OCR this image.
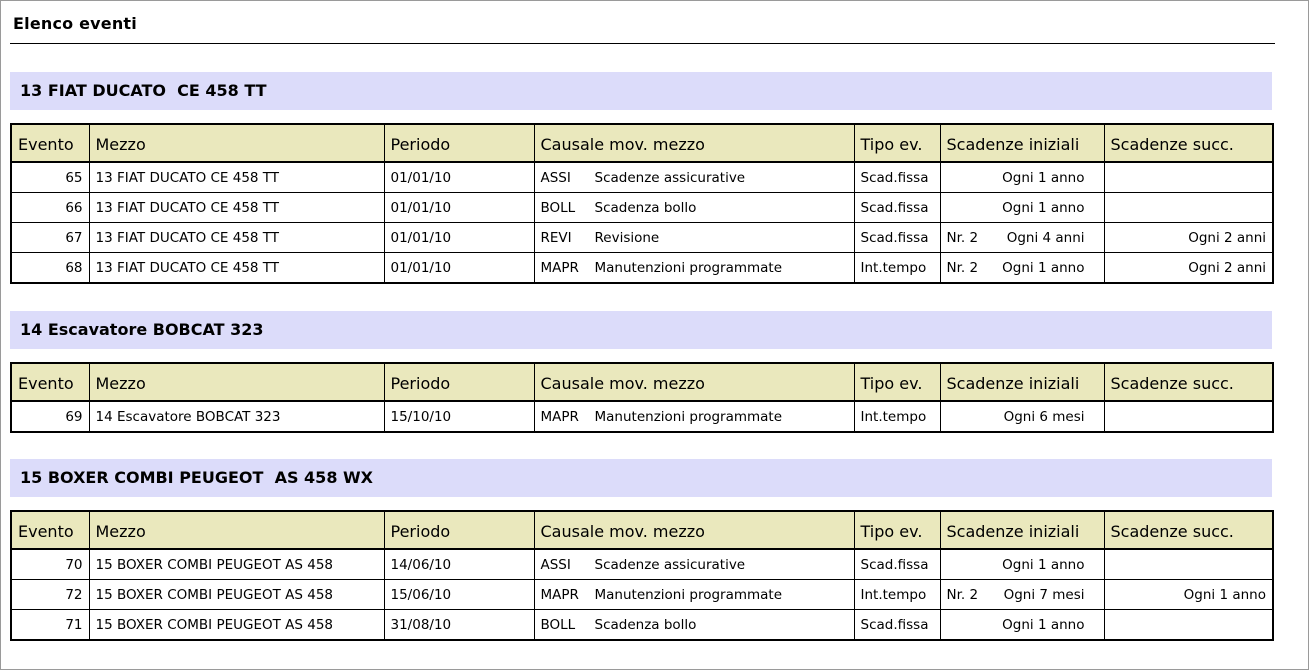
Elenco eventi
13 FIAT DUCATO  CE 458 TT
Evento	Mezzo	Periodo	Causale mov. mezzo	Tipo ev.	Scadenze iniziali	Scadenze succ.
65	13 FIAT DUCATO CE 458 TT	01/01/10	ASSI Scadenze assicurative	Scad.fissa	Ogni 1 anno	
66	13 FIAT DUCATO CE 458 TT	01/01/10	BOLL Scadenza bollo	Scad.fissa	Ogni 1 anno	
67	13 FIAT DUCATO CE 458 TT	01/01/10	REVI Revisione	Scad.fissa	Nr. 2 Ogni 4 anni	Ogni 2 anni
68	13 FIAT DUCATO CE 458 TT	01/01/10	MAPR Manutenzioni programmate	Int.tempo	Nr. 2 Ogni 1 anno	Ogni 2 anni
14 Escavatore BOBCAT 323
Evento	Mezzo	Periodo	Causale mov. mezzo	Tipo ev.	Scadenze iniziali	Scadenze succ.
69	14 Escavatore BOBCAT 323	15/10/10	MAPR Manutenzioni programmate	Int.tempo	Ogni 6 mesi	
15 BOXER COMBI PEUGEOT  AS 458 WX
Evento	Mezzo	Periodo	Causale mov. mezzo	Tipo ev.	Scadenze iniziali	Scadenze succ.
70	15 BOXER COMBI PEUGEOT AS 458	14/06/10	ASSI Scadenze assicurative	Scad.fissa	Ogni 1 anno	
72	15 BOXER COMBI PEUGEOT AS 458	15/06/10	MAPR Manutenzioni programmate	Int.tempo	Nr. 2 Ogni 7 mesi	Ogni 1 anno
71	15 BOXER COMBI PEUGEOT AS 458	31/08/10	BOLL Scadenza bollo	Scad.fissa	Ogni 1 anno	
